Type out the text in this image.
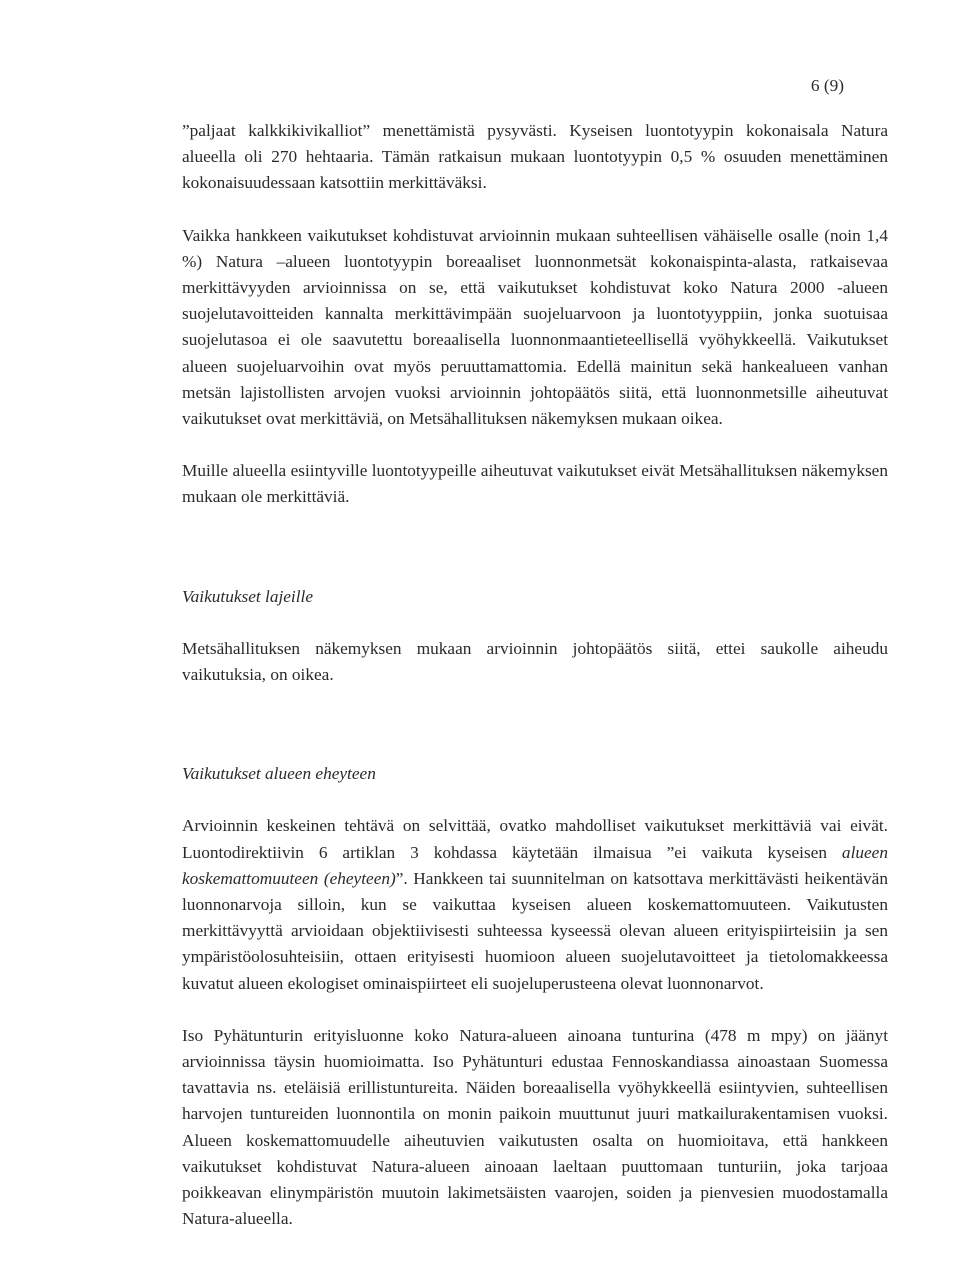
6 (9)

”paljaat kalkkikivikalliot” menettämistä pysyvästi. Kyseisen luontotyypin kokonaisala Natura alueella oli 270 hehtaaria. Tämän ratkaisun mukaan luontotyypin 0,5 % osuuden menettäminen kokonaisuudessaan katsottiin merkittäväksi.

Vaikka hankkeen vaikutukset kohdistuvat arvioinnin mukaan suhteellisen vähäiselle osalle (noin 1,4 %) Natura –alueen luontotyypin boreaaliset luonnonmetsät kokonaispinta-alasta, ratkaisevaa merkittävyyden arvioinnissa on se, että vaikutukset kohdistuvat koko Natura 2000 -alueen suojelutavoitteiden kannalta merkittävimpään suojeluarvoon ja luontotyyppiin, jonka suotuisaa suojelutasoa ei ole saavutettu boreaalisella luonnonmaantieteellisellä vyöhykkeellä. Vaikutukset alueen suojeluarvoihin ovat myös peruuttamattomia. Edellä mainitun sekä hankealueen vanhan metsän lajistollisten arvojen vuoksi arvioinnin johtopäätös siitä, että luonnonmetsille aiheutuvat vaikutukset ovat merkittäviä, on Metsähallituksen näkemyksen mukaan oikea.

Muille alueella esiintyville luontotyypeille aiheutuvat vaikutukset eivät Metsähallituksen näkemyksen mukaan ole merkittäviä.

Vaikutukset lajeille

Metsähallituksen näkemyksen mukaan arvioinnin johtopäätös siitä, ettei saukolle aiheudu vaikutuksia, on oikea.

Vaikutukset alueen eheyteen

Arvioinnin keskeinen tehtävä on selvittää, ovatko mahdolliset vaikutukset merkittäviä vai eivät. Luontodirektiivin 6 artiklan 3 kohdassa käytetään ilmaisua ”ei vaikuta kyseisen alueen koskemattomuuteen (eheyteen)”. Hankkeen tai suunnitelman on katsottava merkittävästi heikentävän luonnonarvoja silloin, kun se vaikuttaa kyseisen alueen koskemattomuuteen. Vaikutusten merkittävyyttä arvioidaan objektiivisesti suhteessa kyseessä olevan alueen erityispiirteisiin ja sen ympäristöolosuhteisiin, ottaen erityisesti huomioon alueen suojelutavoitteet ja tietolomakkeessa kuvatut alueen ekologiset ominaispiirteet eli suojeluperusteena olevat luonnonarvot.

Iso Pyhätunturin erityisluonne koko Natura-alueen ainoana tunturina (478 m mpy) on jäänyt arvioinnissa täysin huomioimatta. Iso Pyhätunturi edustaa Fennoskandiassa ainoastaan Suomessa tavattavia ns. eteläisiä erillistuntureita. Näiden boreaalisella vyöhykkeellä esiintyvien, suhteellisen harvojen tuntureiden luonnontila on monin paikoin muuttunut juuri matkailurakentamisen vuoksi. Alueen koskemattomuudelle aiheutuvien vaikutusten osalta on huomioitava, että hankkeen vaikutukset kohdistuvat Natura-alueen ainoaan laeltaan puuttomaan tunturiin, joka tarjoaa poikkeavan elinympäristön muutoin lakimetsäisten vaarojen, soiden ja pienvesien muodostamalla Natura-alueella.
